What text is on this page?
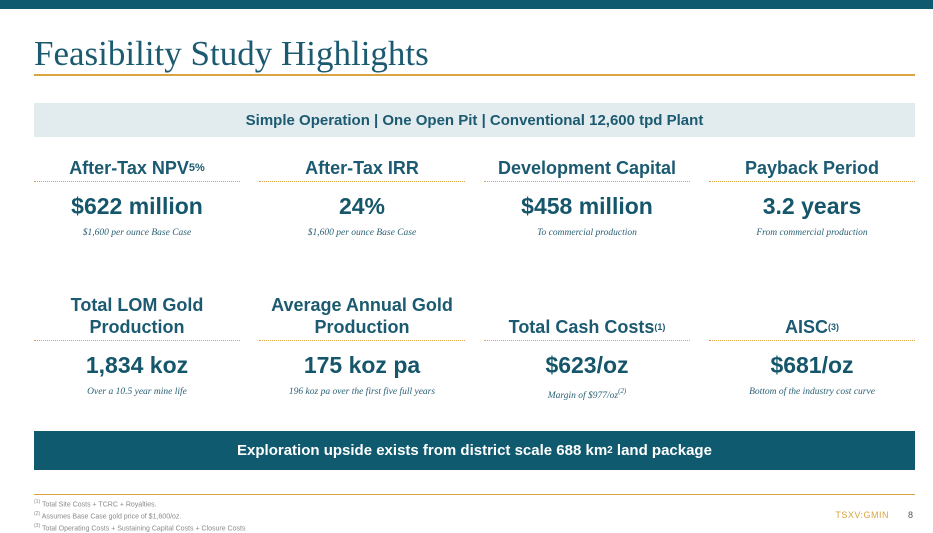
Feasibility Study Highlights
Simple Operation | One Open Pit | Conventional 12,600 tpd Plant
After-Tax NPV 5%
$622 million
$1,600 per ounce Base Case
After-Tax IRR
24%
$1,600 per ounce Base Case
Development Capital
$458 million
To commercial production
Payback Period
3.2 years
From commercial production
Total LOM Gold Production
1,834 koz
Over a 10.5 year mine life
Average Annual Gold Production
175 koz pa
196 koz pa over the first five full years
Total Cash Costs (1)
$623/oz
Margin of $977/oz$^{(2)}$
AISC (3)
$681/oz
Bottom of the industry cost curve
Exploration upside exists from district scale 688 km 2 land package
$^{(1)}$ Total Site Costs + TCRC + Royalties.
$^{(2)}$ Assumes Base Case gold price of $1,600/oz.
$^{(3)}$ Total Operating Costs + Sustaining Capital Costs + Closure Costs
TSXV:GMIN 8
